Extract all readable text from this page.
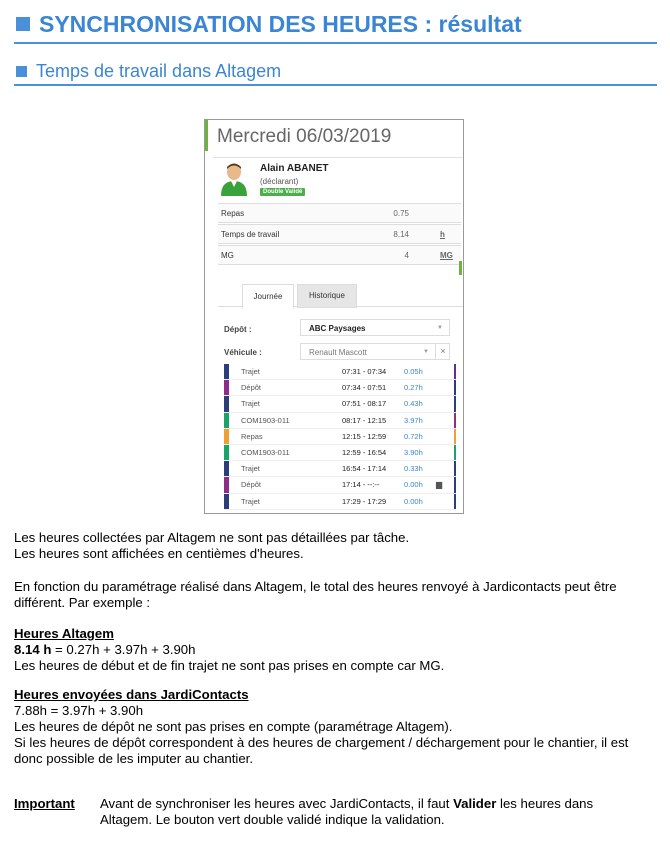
SYNCHRONISATION DES HEURES : résultat
Temps de travail dans Altagem
Mercredi 06/03/2019
Alain ABANET
(déclarant)
Double Validé
Repas	0.75
Temps de travail	8.14	h
MG	4	MG
Journée	Historique
Dépôt :	ABC Paysages	▼
Véhicule :	Renault Mascott	▼	×
Trajet	07:31 - 07:34 0.05h
Dépôt	07:34 - 07:51 0.27h
Trajet	07:51 - 08:17 0.43h
COM1903-011	08:17 - 12:15 3.97h
Repas	12:15 - 12:59 0.72h
COM1903-011	12:59 - 16:54 3.90h
Trajet	16:54 - 17:14 0.33h
Dépôt	17:14 - --:--	0.00h ▆
Trajet	17:29 - 17:29 0.00h
Les heures collectées par Altagem ne sont pas détaillées par tâche.
Les heures sont affichées en centièmes d'heures.
En fonction du paramétrage réalisé dans Altagem, le total des heures renvoyé à Jardicontacts peut être
différent. Par exemple :
Heures Altagem
8.14 h = 0.27h + 3.97h + 3.90h
Les heures de début et de fin trajet ne sont pas prises en compte car MG.
Heures envoyées dans JardiContacts
7.88h = 3.97h + 3.90h
Les heures de dépôt ne sont pas prises en compte (paramétrage Altagem).
Si les heures de dépôt correspondent à des heures de chargement / déchargement pour le chantier, il est
donc possible de les imputer au chantier.
Important Avant de synchroniser les heures avec JardiContacts, il faut Valider les heures dans
Altagem. Le bouton vert double validé indique la validation.
